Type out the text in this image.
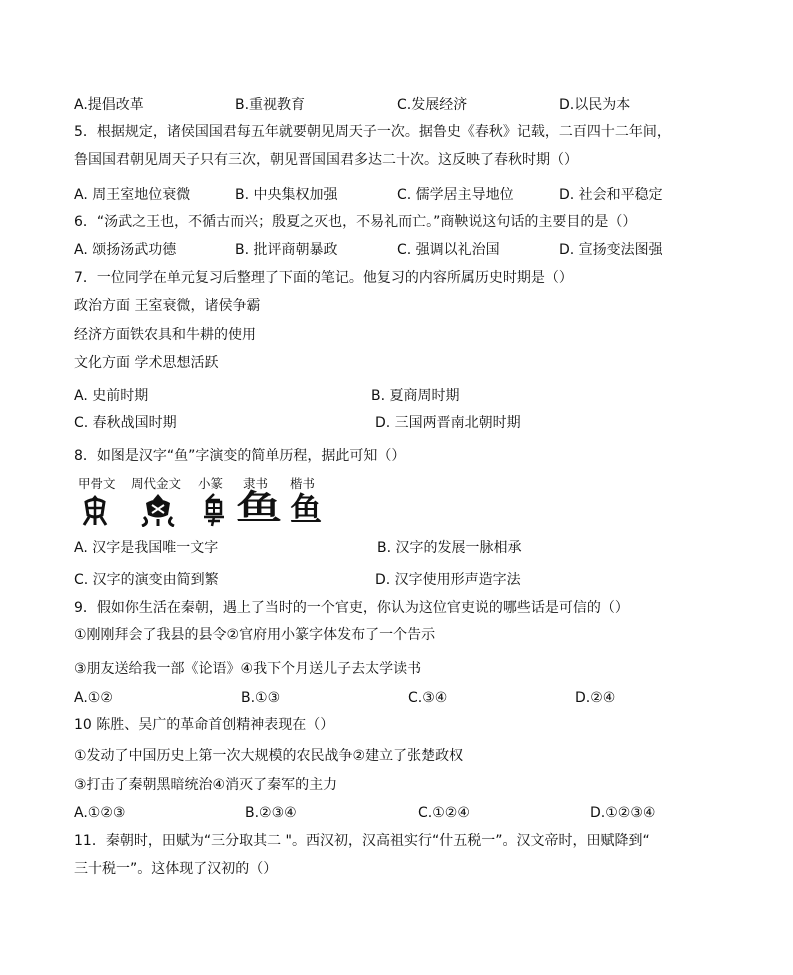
A.提倡改革	B.重视教育	C.发展经济	D.以民为本
5．根据规定，诸侯国国君每五年就要朝见周天子一次。据鲁史《春秋》记载，二百四十二年间，
鲁国国君朝见周天子只有三次，朝见晋国国君多达二十次。这反映了春秋时期（）
A. 周王室地位衰微	B. 中央集权加强	C. 儒学居主导地位	D. 社会和平稳定
6．“汤武之王也，不循古而兴；殷夏之灭也，不易礼而亡。”商鞅说这句话的主要目的是（）
A. 颂扬汤武功德	B. 批评商朝暴政	C. 强调以礼治国	D. 宣扬变法图强
7．一位同学在单元复习后整理了下面的笔记。他复习的内容所属历史时期是（）
政治方面 王室衰微，诸侯争霸
经济方面铁农具和牛耕的使用
文化方面 学术思想活跃
A. 史前时期	B. 夏商周时期
C. 春秋战国时期	D. 三国两晋南北朝时期
8．如图是汉字“鱼”字演变的简单历程，据此可知（）
甲骨文 周代金文 小篆 隶书 楷书
鱼 鱼
A. 汉字是我国唯一文字	B. 汉字的发展一脉相承
C. 汉字的演变由简到繁	D. 汉字使用形声造字法
9．假如你生活在秦朝，遇上了当时的一个官吏，你认为这位官吏说的哪些话是可信的（）
①刚刚拜会了我县的县令②官府用小篆字体发布了一个告示
③朋友送给我一部《论语》④我下个月送儿子去太学读书
A.①②	B.①③	C.③④	D.②④
10 陈胜、吴广的革命首创精神表现在（）
①发动了中国历史上第一次大规模的农民战争②建立了张楚政权
③打击了秦朝黑暗统治④消灭了秦军的主力
A.①②③	B.②③④	C.①②④	D.①②③④
11．秦朝时，田赋为“三分取其二 "。西汉初，汉高祖实行“什五税一”。汉文帝时，田赋降到“
三十税一”。这体现了汉初的（）
